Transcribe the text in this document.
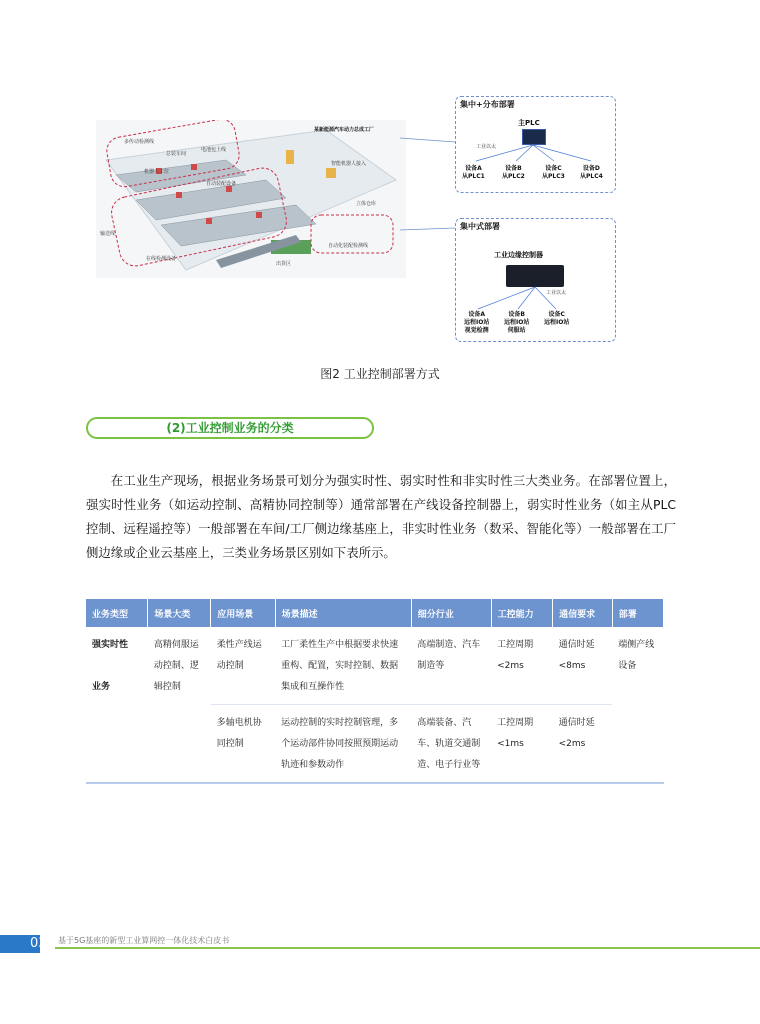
某新能源汽车动力总成工厂
多传动检测线
总装车间
电池包上线
机器人工位
输送线
智能机器人接入
自动装配设备
在线检测设备
出货区
立体仓库
自动化装配检测线
集中+分布部署
主PLC
工业以太
设备A
从PLC1
设备B
从PLC2
设备C
从PLC3
设备D
从PLC4
集中式部署
工业边缘控制器
工业以太
设备A
远程IO站
视觉检测
设备B
远程IO站
伺服站
设备C
远程IO站
图2 工业控制部署方式
(2)工业控制业务的分类

在工业生产现场，根据业务场景可划分为强实时性、弱实时性和非实时性三大类业务。在部署位置上，强实时性业务（如运动控制、高精协同控制等）通常部署在产线设备控制器上，弱实时性业务（如主从PLC控制、远程遥控等）一般部署在车间/工厂侧边缘基座上，非实时性业务（数采、智能化等）一般部署在工厂侧边缘或企业云基座上，三类业务场景区别如下表所示。

业务类型	场景大类	应用场景	场景描述	细分行业	工控能力	通信要求	部署
强实时性

业务	高精伺服运动控制、逻辑控制	柔性产线运动控制	工厂柔性生产中根据要求快速重构、配置，实时控制、数据集成和互操作性	高端制造、汽车制造等	工控周期<2ms	通信时延<8ms	端侧产线设备
		多轴电机协同控制	运动控制的实时控制管理，多个运动部件协同按照预期运动轨迹和参数动作	高端装备、汽车、轨道交通制造、电子行业等	工控周期<1ms	通信时延<2ms	
03	基于5G基座的新型工业算网控一体化技术白皮书
